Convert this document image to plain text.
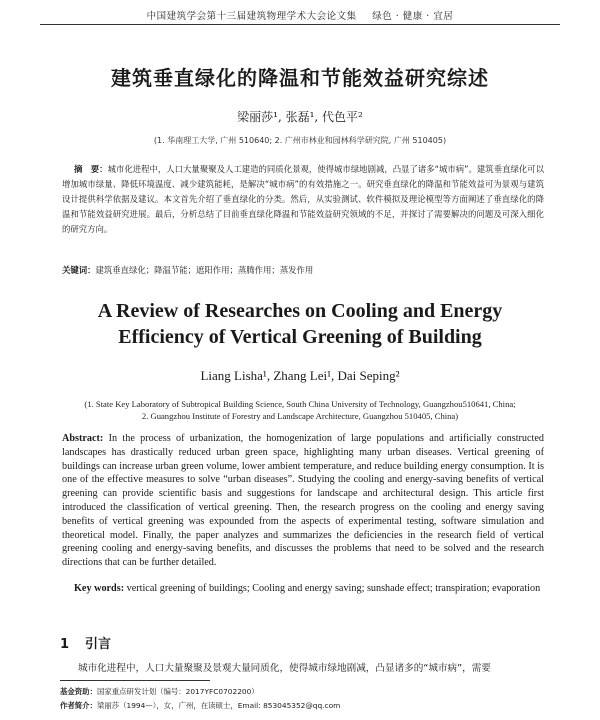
中国建筑学会第十三届建筑物理学术大会论文集 绿色 · 健康 · 宜居
建筑垂直绿化的降温和节能效益研究综述
梁丽莎¹, 张磊¹, 代色平²
(1. 华南理工大学, 广州 510640; 2. 广州市林业和园林科学研究院, 广州 510405)
摘　要：城市化进程中，人口大量聚聚及人工建造的同质化景观，使得城市绿地剧减，凸显了诸多“城市病”。建筑垂直绿化可以增加城市绿量、降低环境温度、减少建筑能耗，是解决“城市病”的有效措施之一。研究垂直绿化的降温和节能效益可为景观与建筑设计提供科学依据及建议。本文首先介绍了垂直绿化的分类。然后，从实验测试、软件模拟及理论模型等方面阐述了垂直绿化的降温和节能效益研究进展。最后，分析总结了目前垂直绿化降温和节能效益研究领域的不足，并探讨了需要解决的问题及可深入细化的研究方向。
关键词：建筑垂直绿化；降温节能；遮阳作用；蒸腾作用；蒸发作用
A Review of Researches on Cooling and Energy
Efficiency of Vertical Greening of Building
Liang Lisha¹, Zhang Lei¹, Dai Seping²
(1. State Key Laboratory of Subtropical Building Science, South China University of Technology, Guangzhou510641, China;
2. Guangzhou Institute of Forestry and Landscape Architecture, Guangzhou 510405, China)
Abstract: In the process of urbanization, the homogenization of large populations and artificially constructed landscapes has drastically reduced urban green space, highlighting many urban diseases. Vertical greening of buildings can increase urban green volume, lower ambient temperature, and reduce building energy consumption. It is one of the effective measures to solve “urban diseases”. Studying the cooling and energy-saving benefits of vertical greening can provide scientific basis and suggestions for landscape and architectural design. This article first introduced the classification of vertical greening. Then, the research progress on the cooling and energy saving benefits of vertical greening was expounded from the aspects of experimental testing, software simulation and theoretical model. Finally, the paper analyzes and summarizes the deficiencies in the research field of vertical greening cooling and energy-saving benefits, and discusses the problems that need to be solved and the research directions that can be further detailed.
Key words: vertical greening of buildings; Cooling and energy saving; sunshade effect; transpiration; evaporation
1 引言
城市化进程中，人口大量聚聚及景观大量同质化，使得城市绿地剧减，凸显诸多的“城市病”，需要
基金资助：国家重点研发计划（编号：2017YFC0702200）
作者简介：梁丽莎（1994—），女，广州，在读硕士，Email: 853045352@qq.com
